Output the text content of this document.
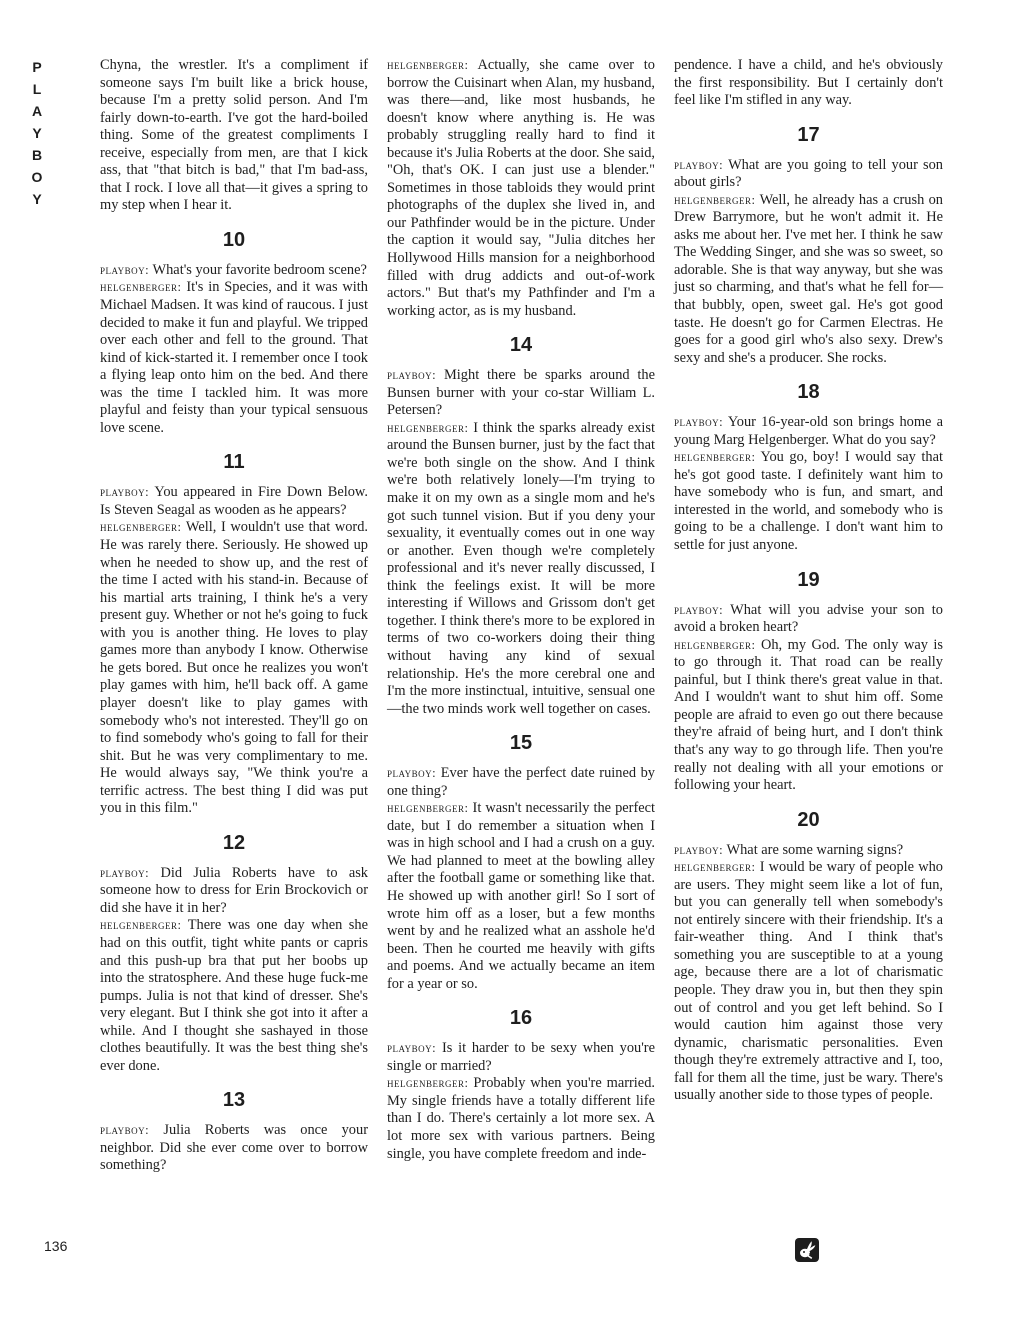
P
L
A
Y
B
O
Y

Chyna, the wrestler. It's a compliment if someone says I'm built like a brick house, because I'm a pretty solid person. And I'm fairly down-to-earth. I've got the hard-boiled thing. Some of the greatest compliments I receive, especially from men, are that I kick ass, that "that bitch is bad," that I'm bad-ass, that I rock. I love all that—it gives a spring to my step when I hear it.

10

playboy: What's your favorite bedroom scene?

helgenberger: It's in Species, and it was with Michael Madsen. It was kind of raucous. I just decided to make it fun and playful. We tripped over each other and fell to the ground. That kind of kick-started it. I remember once I took a flying leap onto him on the bed. And there was the time I tackled him. It was more playful and feisty than your typical sensuous love scene.

11

playboy: You appeared in Fire Down Below. Is Steven Seagal as wooden as he appears?

helgenberger: Well, I wouldn't use that word. He was rarely there. Seriously. He showed up when he needed to show up, and the rest of the time I acted with his stand-in. Because of his martial arts training, I think he's a very present guy. Whether or not he's going to fuck with you is another thing. He loves to play games more than anybody I know. Otherwise he gets bored. But once he realizes you won't play games with him, he'll back off. A game player doesn't like to play games with somebody who's not interested. They'll go on to find somebody who's going to fall for their shit. But he was very complimentary to me. He would always say, "We think you're a terrific actress. The best thing I did was put you in this film."

12

playboy: Did Julia Roberts have to ask someone how to dress for Erin Brockovich or did she have it in her?

helgenberger: There was one day when she had on this outfit, tight white pants or capris and this push-up bra that put her boobs up into the stratosphere. And these huge fuck-me pumps. Julia is not that kind of dresser. She's very elegant. But I think she got into it after a while. And I thought she sashayed in those clothes beautifully. It was the best thing she's ever done.

13

playboy: Julia Roberts was once your neighbor. Did she ever come over to borrow something?

helgenberger: Actually, she came over to borrow the Cuisinart when Alan, my husband, was there—and, like most husbands, he doesn't know where anything is. He was probably struggling really hard to find it because it's Julia Roberts at the door. She said, "Oh, that's OK. I can just use a blender." Sometimes in those tabloids they would print photographs of the duplex she lived in, and our Pathfinder would be in the picture. Under the caption it would say, "Julia ditches her Hollywood Hills mansion for a neighborhood filled with drug addicts and out-of-work actors." But that's my Pathfinder and I'm a working actor, as is my husband.

14

playboy: Might there be sparks around the Bunsen burner with your co-star William L. Petersen?

helgenberger: I think the sparks already exist around the Bunsen burner, just by the fact that we're both single on the show. And I think we're both relatively lonely—I'm trying to make it on my own as a single mom and he's got such tunnel vision. But if you deny your sexuality, it eventually comes out in one way or another. Even though we're completely professional and it's never really discussed, I think the feelings exist. It will be more interesting if Willows and Grissom don't get together. I think there's more to be explored in terms of two co-workers doing their thing without having any kind of sexual relationship. He's the more cerebral one and I'm the more instinctual, intuitive, sensual one—the two minds work well together on cases.

15

playboy: Ever have the perfect date ruined by one thing?

helgenberger: It wasn't necessarily the perfect date, but I do remember a situation when I was in high school and I had a crush on a guy. We had planned to meet at the bowling alley after the football game or something like that. He showed up with another girl! So I sort of wrote him off as a loser, but a few months went by and he realized what an asshole he'd been. Then he courted me heavily with gifts and poems. And we actually became an item for a year or so.

16

playboy: Is it harder to be sexy when you're single or married?

helgenberger: Probably when you're married. My single friends have a totally different life than I do. There's certainly a lot more sex. A lot more sex with various partners. Being single, you have complete freedom and inde-

pendence. I have a child, and he's obviously the first responsibility. But I certainly don't feel like I'm stifled in any way.

17

playboy: What are you going to tell your son about girls?

helgenberger: Well, he already has a crush on Drew Barrymore, but he won't admit it. He asks me about her. I've met her. I think he saw The Wedding Singer, and she was so sweet, so adorable. She is that way anyway, but she was just so charming, and that's what he fell for—that bubbly, open, sweet gal. He's got good taste. He doesn't go for Carmen Electras. He goes for a good girl who's also sexy. Drew's sexy and she's a producer. She rocks.

18

playboy: Your 16-year-old son brings home a young Marg Helgenberger. What do you say?

helgenberger: You go, boy! I would say that he's got good taste. I definitely want him to have somebody who is fun, and smart, and interested in the world, and somebody who is going to be a challenge. I don't want him to settle for just anyone.

19

playboy: What will you advise your son to avoid a broken heart?

helgenberger: Oh, my God. The only way is to go through it. That road can be really painful, but I think there's great value in that. And I wouldn't want to shut him off. Some people are afraid to even go out there because they're afraid of being hurt, and I don't think that's any way to go through life. Then you're really not dealing with all your emotions or following your heart.

20

playboy: What are some warning signs?

helgenberger: I would be wary of people who are users. They might seem like a lot of fun, but you can generally tell when somebody's not entirely sincere with their friendship. It's a fair-weather thing. And I think that's something you are susceptible to at a young age, because there are a lot of charismatic people. They draw you in, but then they spin out of control and you get left behind. So I would caution him against those very dynamic, charismatic personalities. Even though they're extremely attractive and I, too, fall for them all the time, just be wary. There's usually another side to those types of people.

136
